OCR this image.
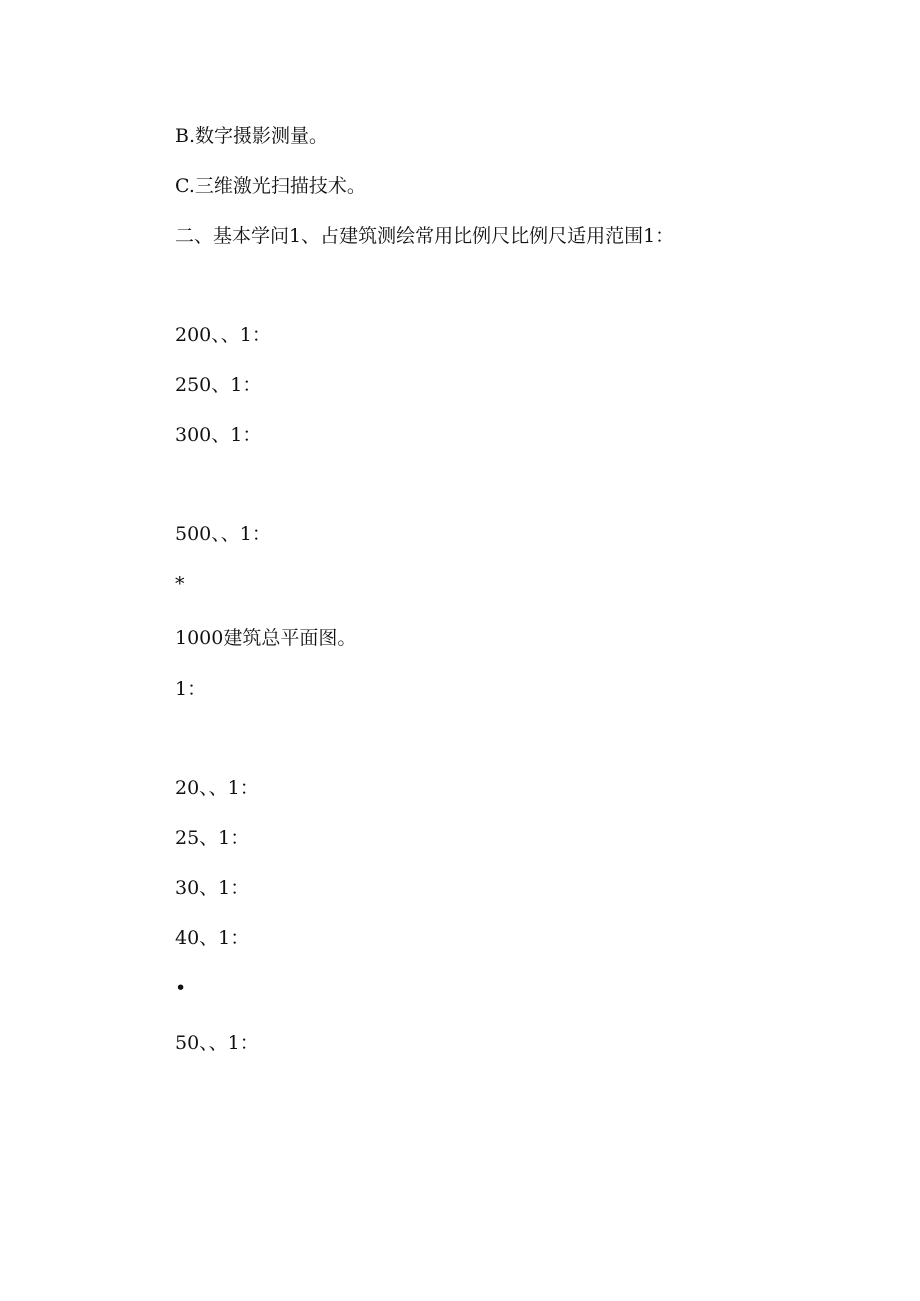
B.数字摄影测量。
C.三维激光扫描技术。
二、基本学问1、占建筑测绘常用比例尺比例尺适用范围1：
200、、1：
250、1：
300、1：
500、、1：
*
1000建筑总平面图。
1：
20、、1：
25、1：
30、1：
40、1：
•
50、、1：
